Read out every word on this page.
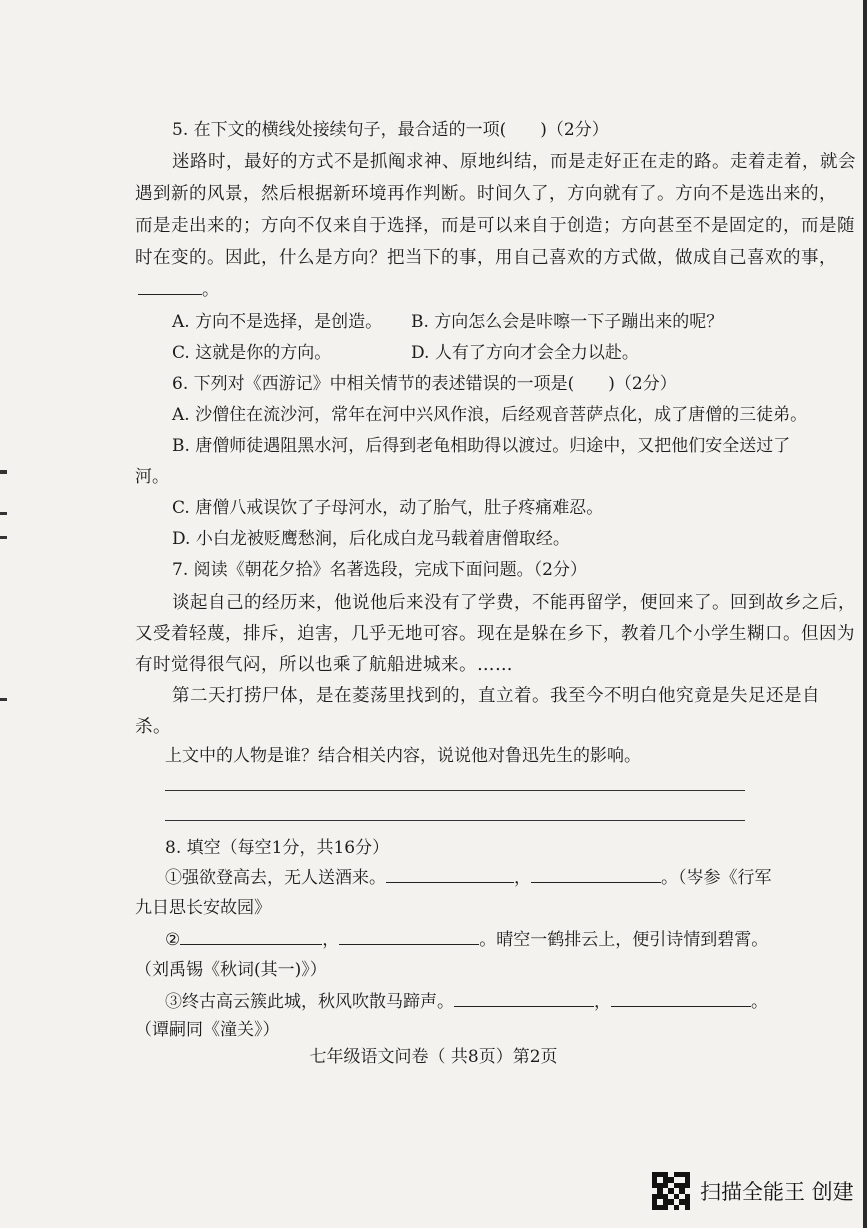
5. 在下文的横线处接续句子，最合适的一项( )（2分）
迷路时，最好的方式不是抓阄求神、原地纠结，而是走好正在走的路。走着走着，就会
遇到新的风景，然后根据新环境再作判断。时间久了，方向就有了。方向不是选出来的，
而是走出来的；方向不仅来自于选择，而是可以来自于创造；方向甚至不是固定的，而是随
时在变的。因此，什么是方向？把当下的事，用自己喜欢的方式做，做成自己喜欢的事，
。
A. 方向不是选择，是创造。 B. 方向怎么会是咔嚓一下子蹦出来的呢？
C. 这就是你的方向。	D. 人有了方向才会全力以赴。
6. 下列对《西游记》中相关情节的表述错误的一项是( )（2分）
A. 沙僧住在流沙河，常年在河中兴风作浪，后经观音菩萨点化，成了唐僧的三徒弟。
B. 唐僧师徒遇阻黑水河，后得到老龟相助得以渡过。归途中，又把他们安全送过了
河。
C. 唐僧八戒误饮了子母河水，动了胎气，肚子疼痛难忍。
D. 小白龙被贬鹰愁涧，后化成白龙马载着唐僧取经。
7. 阅读《朝花夕拾》名著选段，完成下面问题。（2分）
谈起自己的经历来，他说他后来没有了学费，不能再留学，便回来了。回到故乡之后，
又受着轻蔑，排斥，迫害，几乎无地可容。现在是躲在乡下，教着几个小学生糊口。但因为
有时觉得很气闷，所以也乘了航船进城来。……
第二天打捞尸体，是在菱荡里找到的，直立着。我至今不明白他究竟是失足还是自
杀。
上文中的人物是谁？结合相关内容，说说他对鲁迅先生的影响。
8. 填空（每空1分，共16分）
①强欲登高去，无人送酒来。	，	。（岑参《行军
九日思长安故园》
②	，	。晴空一鹤排云上，便引诗情到碧霄。
（刘禹锡《秋词(其一)》）
③终古高云簇此城，秋风吹散马蹄声。	，	。
（谭嗣同《潼关》）
七年级语文问卷（ 共8页）第2页
扫描全能王 创建
